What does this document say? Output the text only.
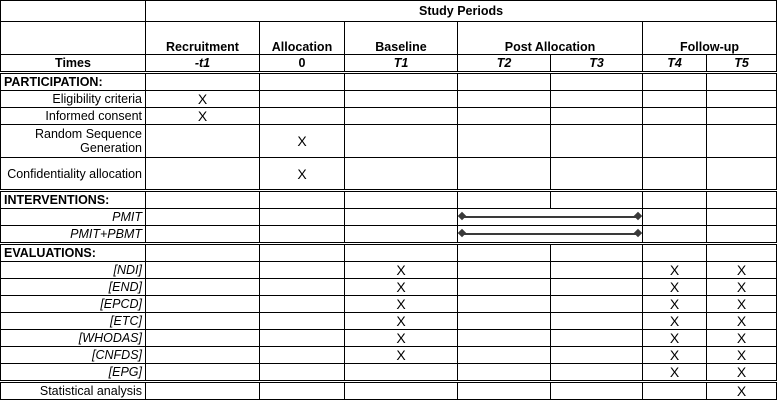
	Study Periods						
	Recruitment	Allocation	Baseline	Post Allocation		Follow-up	
Times	-t1	0	T1	T2	T3	T4	T5
PARTICIPATION:							
Eligibility criteria	X						
Informed consent	X						
Random Sequence Generation		X					
Confidentiality allocation		X					
INTERVENTIONS:							
PMIT					

PMIT+PBMT					

EVALUATIONS:							
[NDI]			X			X	X
[END]			X			X	X
[EPCD]			X			X	X
[ETC]			X			X	X
[WHODAS]			X			X	X
[CNFDS]			X			X	X
[EPG]						X	X
Statistical analysis							X
